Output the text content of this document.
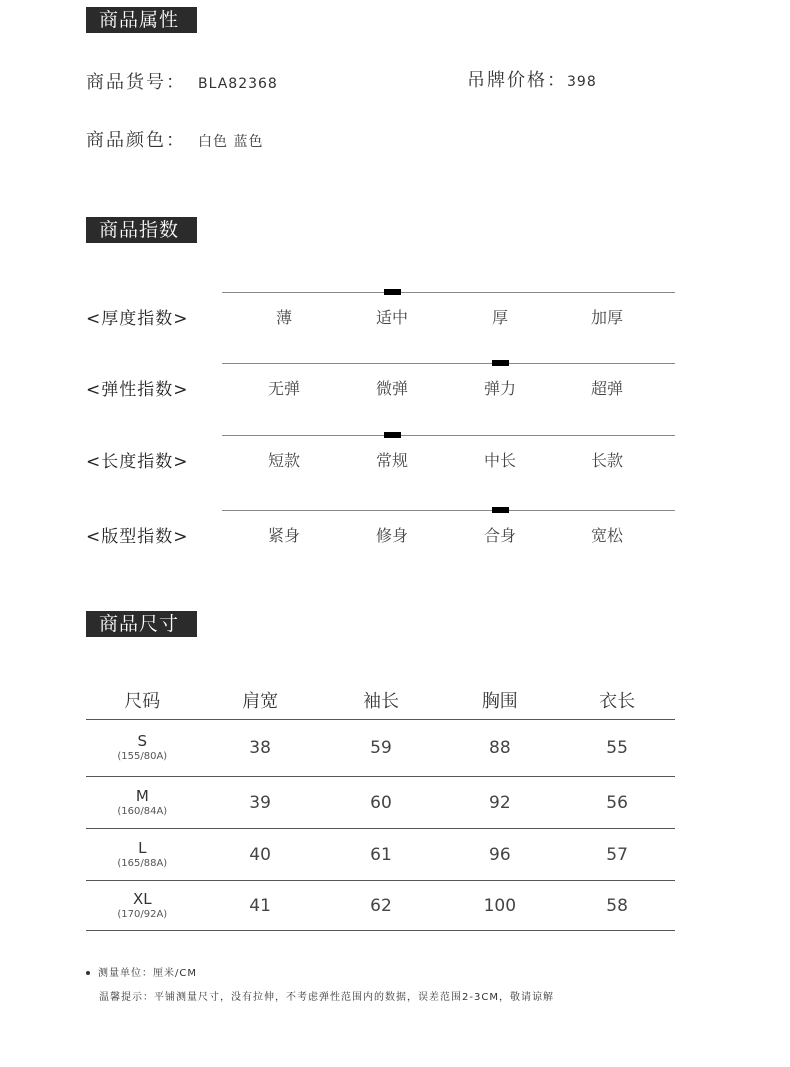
商品属性
商品货号： BLA82368	吊牌价格：398
商品颜色： 白色 蓝色
商品指数
<厚度指数>	薄	适中	厚	加厚
<弹性指数>	无弹	微弹	弹力	超弹
<长度指数>	短款	常规	中长	长款
<版型指数>	紧身	修身	合身	宽松
商品尺寸
尺码	肩宽	袖长	胸围	衣长

S
(155/80A)	38	59	88	55

M
(160/84A)	39	60	92	56

L
(165/88A)	40	61	96	57

XL
(170/92A)	41	62	100	58
测量单位：厘米/CM
温馨提示：平铺测量尺寸，没有拉伸，不考虑弹性范围内的数据，误差范围2-3CM，敬请谅解
